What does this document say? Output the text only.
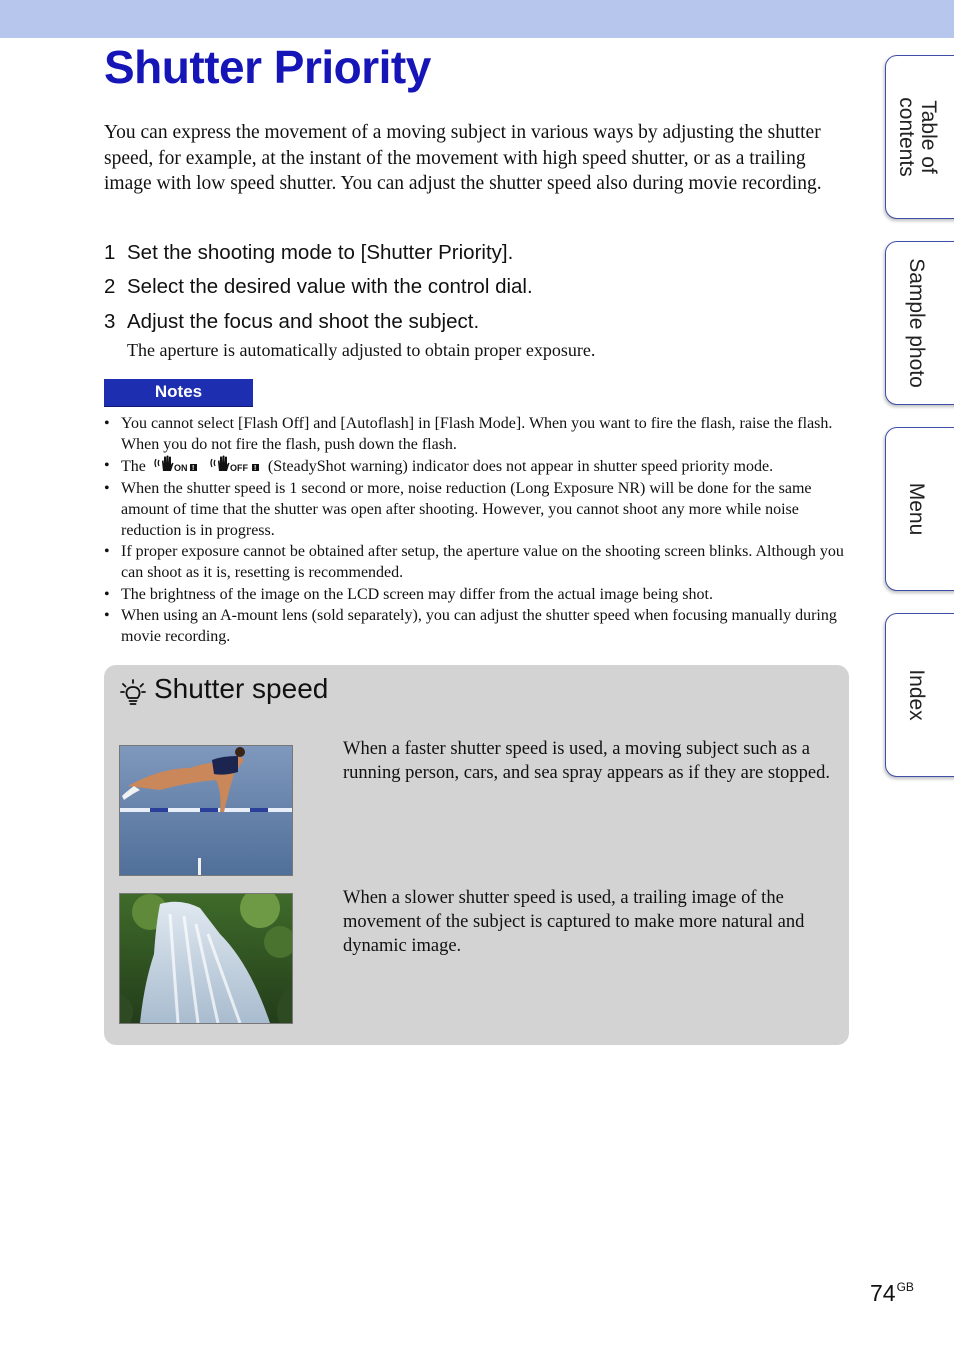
Shutter Priority

You can express the movement of a moving subject in various ways by adjusting the shutter speed, for example, at the instant of the movement with high speed shutter, or as a trailing image with low speed shutter. You can adjust the shutter speed also during movie recording.

1 Set the shooting mode to [Shutter Priority].
2 Select the desired value with the control dial.
3 Adjust the focus and shoot the subject.
The aperture is automatically adjusted to obtain proper exposure.
Notes
• You cannot select [Flash Off] and [Autoflash] in [Flash Mode]. When you want to fire the flash, raise the flash. When you do not fire the flash, push down the flash.
• The	ON !
	OFF ! (SteadyShot warning) indicator does not appear in shutter speed priority mode.
• When the shutter speed is 1 second or more, noise reduction (Long Exposure NR) will be done for the same amount of time that the shutter was open after shooting. However, you cannot shoot any more while noise reduction is in progress.
• If proper exposure cannot be obtained after setup, the aperture value on the shooting screen blinks. Although you can shoot as it is, resetting is recommended.
• The brightness of the image on the LCD screen may differ from the actual image being shot.
• When using an A-mount lens (sold separately), you can adjust the shutter speed when focusing manually during movie recording.
Shutter speed

When a faster shutter speed is used, a moving subject such as a running person, cars, and sea spray appears as if they are stopped.

When a slower shutter speed is used, a trailing image of the movement of the subject is captured to make more natural and dynamic image.

Table of
contents
Sample photo
Menu
Index
$74^{GB}$
